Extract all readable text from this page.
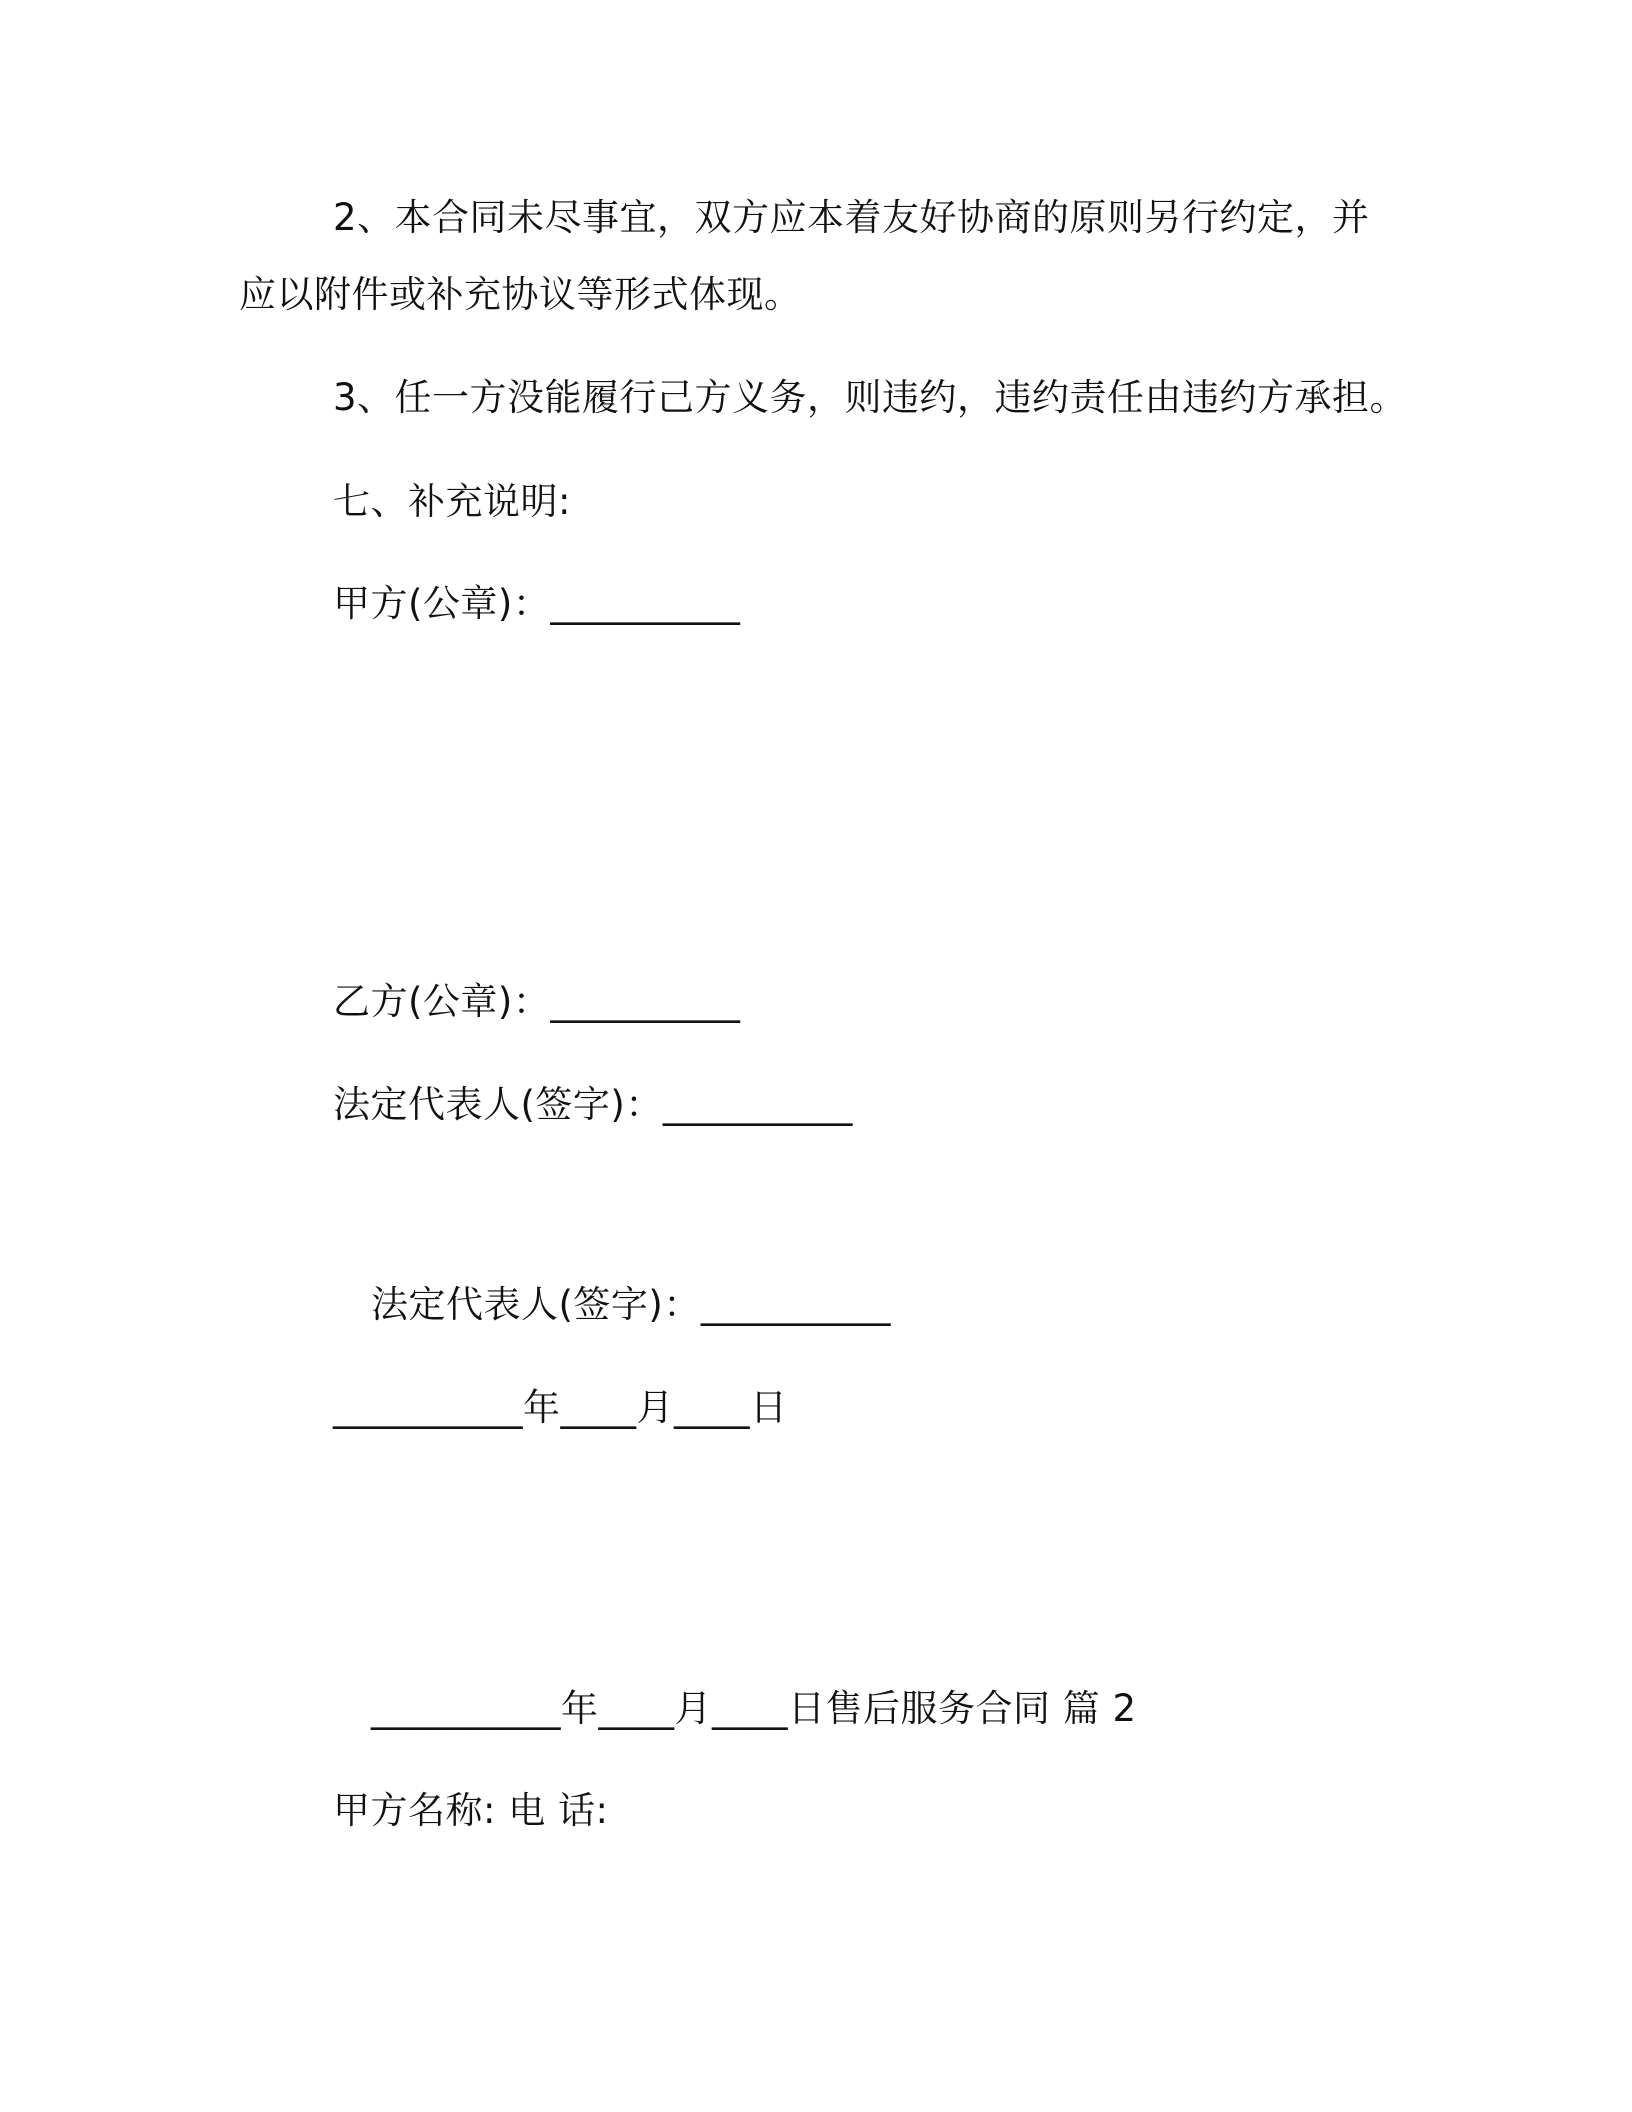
2、本合同未尽事宜，双方应本着友好协商的原则另行约定，并
应以附件或补充协议等形式体现。
3、任一方没能履行己方义务，则违约，违约责任由违约方承担。
七、补充说明:
甲方(公章)：__________
乙方(公章)：__________
法定代表人(签字)：__________
法定代表人(签字)：__________
__________年____月____日
__________年____月____日售后服务合同 篇 2
甲方名称: 电 话:
